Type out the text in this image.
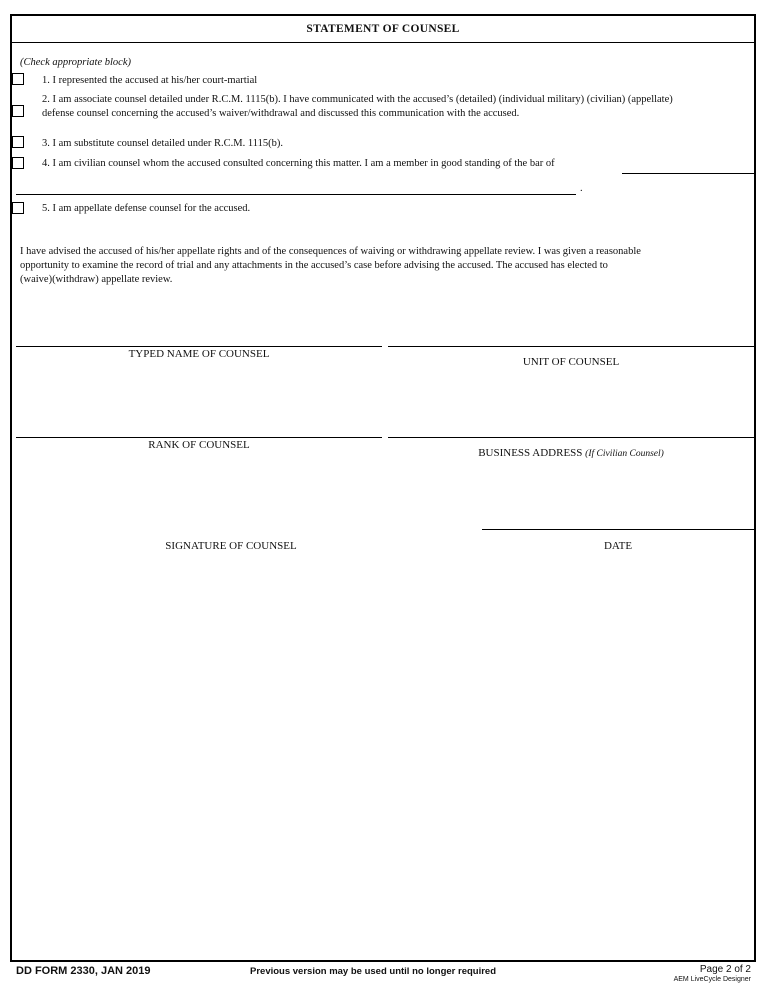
STATEMENT OF COUNSEL
(Check appropriate block)
1. I represented the accused at his/her court-martial
2. I am associate counsel detailed under R.C.M. 1115(b). I have communicated with the accused’s (detailed) (individual military) (civilian) (appellate)
defense counsel concerning the accused’s waiver/withdrawal and discussed this communication with the accused.
3. I am substitute counsel detailed under R.C.M. 1115(b).
4. I am civilian counsel whom the accused consulted concerning this matter. I am a member in good standing of the bar of
.
5. I am appellate defense counsel for the accused.
I have advised the accused of his/her appellate rights and of the consequences of waiving or withdrawing appellate review. I was given a reasonable
opportunity to examine the record of trial and any attachments in the accused’s case before advising the accused. The accused has elected to
(waive)(withdraw) appellate review.
TYPED NAME OF COUNSEL
UNIT OF COUNSEL
RANK OF COUNSEL
BUSINESS ADDRESS (If Civilian Counsel)
SIGNATURE OF COUNSEL	DATE
DD FORM 2330, JAN 2019	Previous version may be used until no longer required	Page 2 of 2
AEM LiveCycle Designer
